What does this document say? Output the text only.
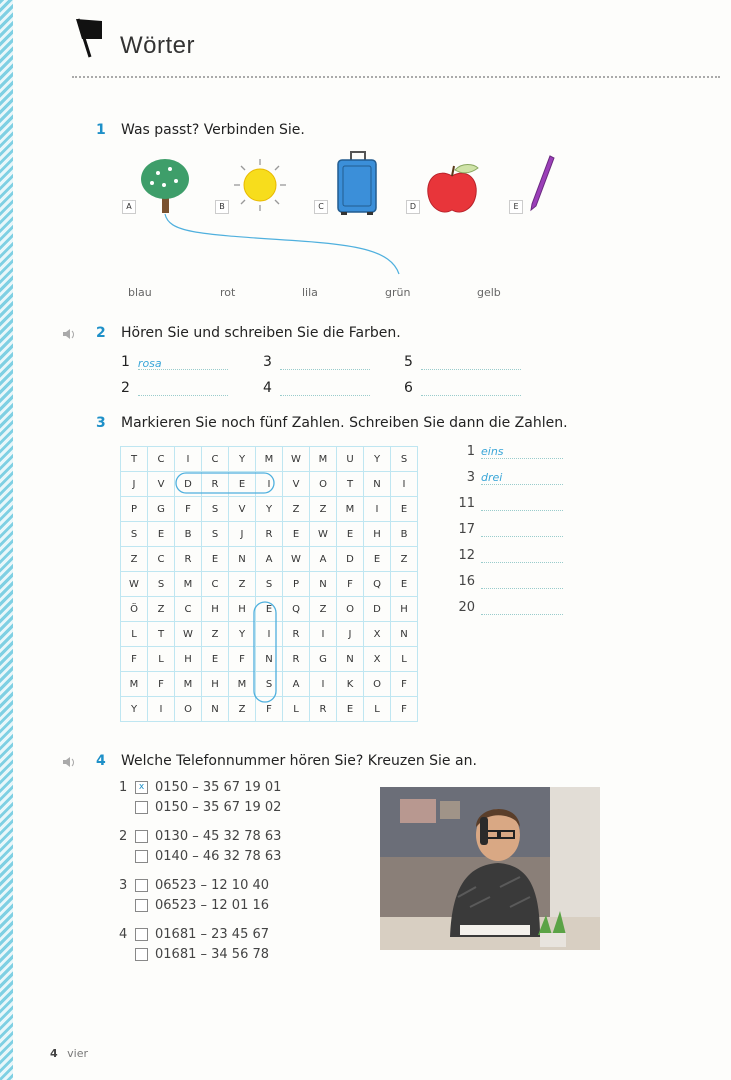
Wörter
1 Was passt? Verbinden Sie.
A	B	C	D	E
blau	rot	lila	grün	gelb
2 Hören Sie und schreiben Sie die Farben.
1 rosa	3	5
2	4	6
3 Markieren Sie noch fünf Zahlen. Schreiben Sie dann die Zahlen.
T	C	I	C	Y	M	W	M	U	Y	S
J	V	D	R	E	I	V	O	T	N	I
P	G	F	S	V	Y	Z	Z	M	I	E
S	E	B	S	J	R	E	W	E	H	B
Z	C	R	E	N	A	W	A	D	E	Z
W	S	M	C	Z	S	P	N	F	Q	E
Ö	Z	C	H	H	E	Q	Z	O	D	H
L	T	W	Z	Y	I	R	I	J	X	N
F	L	H	E	F	N	R	G	N	X	L
M	F	M	H	M	S	A	I	K	O	F
Y	I	O	N	Z	F	L	R	E	L	F
1 eins
3 drei
11
17
12
16
20
4 Welche Telefonnummer hören Sie? Kreuzen Sie an.
1 x 0150 – 35 67 19 01
0150 – 35 67 19 02
2 0130 – 45 32 78 63
0140 – 46 32 78 63
3 06523 – 12 10 40
06523 – 12 01 16
4 01681 – 23 45 67
01681 – 34 56 78
4 vier
